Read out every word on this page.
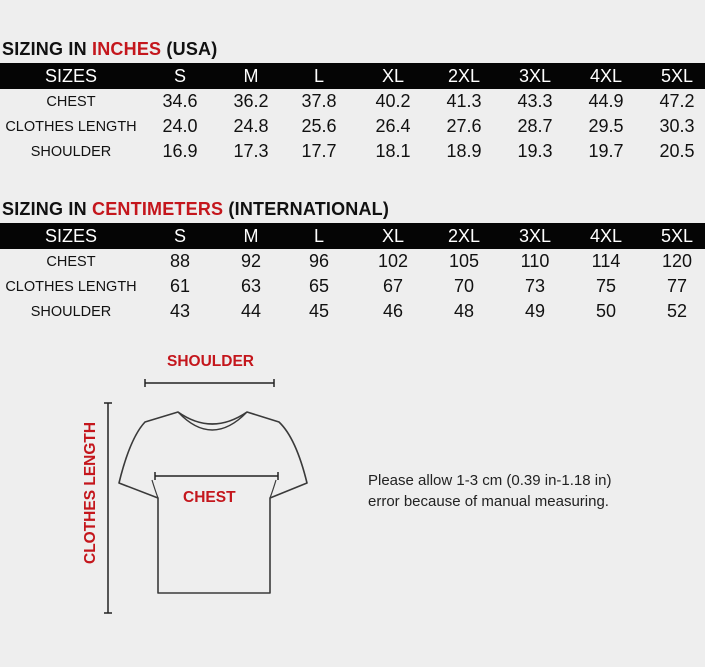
SIZING IN INCHES (USA)
SIZES	S	M	L	XL	2XL	3XL	4XL	5XL
CHEST	34.6	36.2	37.8	40.2	41.3	43.3	44.9	47.2
CLOTHES LENGTH	24.0	24.8	25.6	26.4	27.6	28.7	29.5	30.3
SHOULDER	16.9	17.3	17.7	18.1	18.9	19.3	19.7	20.5
SIZING IN CENTIMETERS (INTERNATIONAL)
SIZES	S	M	L	XL	2XL	3XL	4XL	5XL
CHEST	88	92	96	102	105	110	114	120
CLOTHES LENGTH	61	63	65	67	70	73	75	77
SHOULDER	43	44	45	46	48	49	50	52
SHOULDER
CHEST
CLOTHES LENGTH	Please allow 1-3 cm (0.39 in-1.18 in)
error because of manual measuring.
